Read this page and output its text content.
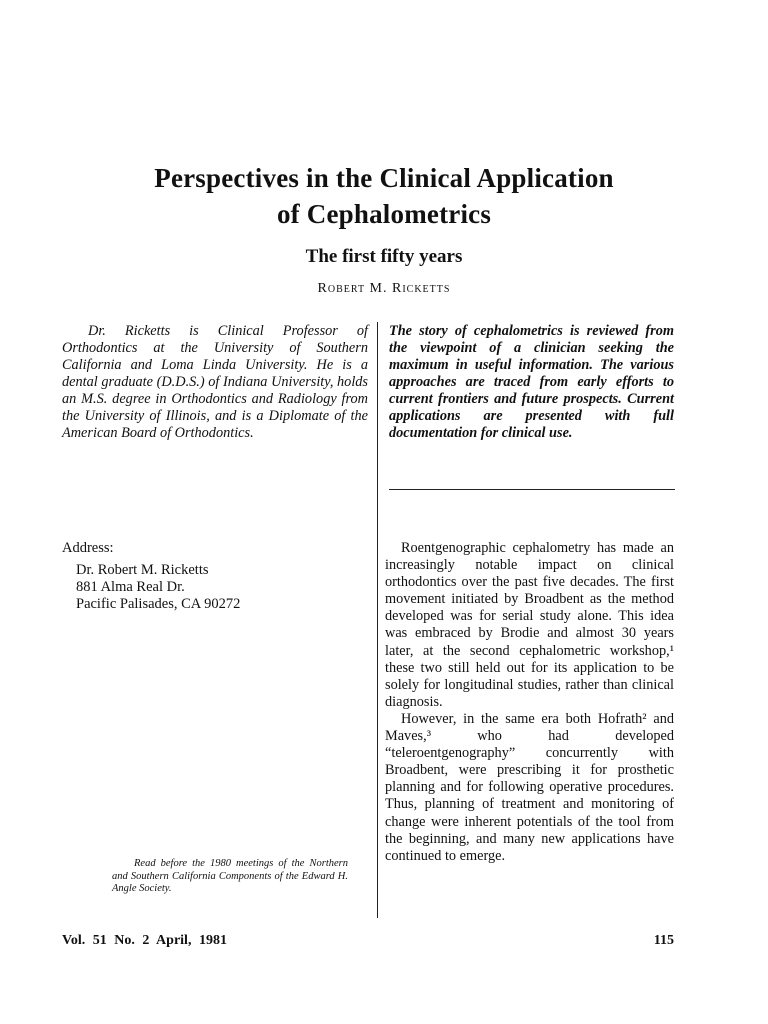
Perspectives in the Clinical Application
of Cephalometrics
The first fifty years
Robert M. Ricketts
Dr. Ricketts is Clinical Professor of Orthodontics at the University of Southern California and Loma Linda University. He is a dental graduate (D.D.S.) of Indiana University, holds an M.S. degree in Orthodontics and Radiology from the University of Illinois, and is a Diplomate of the American Board of Orthodontics.
The story of cephalometrics is reviewed from the viewpoint of a clinician seeking the maximum in useful information. The various approaches are traced from early efforts to current frontiers and future prospects. Current applications are presented with full documentation for clinical use.
Address:
Dr. Robert M. Ricketts
881 Alma Real Dr.
Pacific Palisades, CA 90272

Roentgenographic cephalometry has made an increasingly notable impact on clinical orthodontics over the past five decades. The first movement initiated by Broadbent as the method developed was for serial study alone. This idea was embraced by Brodie and almost 30 years later, at the second cephalometric workshop,¹ these two still held out for its application to be solely for longitudinal studies, rather than clinical diagnosis.

However, in the same era both Hofrath² and Maves,³ who had developed “teleroentgenography” concurrently with Broadbent, were prescribing it for prosthetic planning and for following operative procedures. Thus, planning of treatment and monitoring of change were inherent potentials of the tool from the beginning, and many new applications have continued to emerge.

Read before the 1980 meetings of the Northern and Southern California Components of the Edward H. Angle Society.
Vol. 51 No. 2 April, 1981	115
